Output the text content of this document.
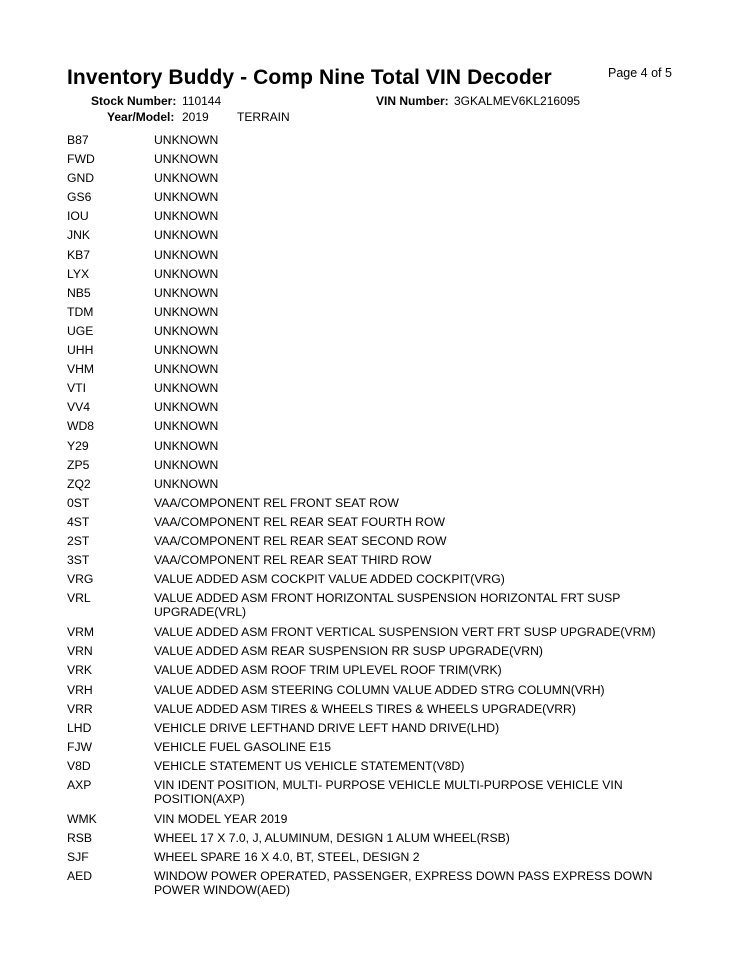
Inventory Buddy - Comp Nine Total VIN Decoder	Page 4 of 5
Stock Number: 110144	VIN Number: 3GKALMEV6KL216095
Year/Model: 2019 TERRAIN
B87	UNKNOWN
FWD	UNKNOWN
GND	UNKNOWN
GS6	UNKNOWN
IOU	UNKNOWN
JNK	UNKNOWN
KB7	UNKNOWN
LYX	UNKNOWN
NB5	UNKNOWN
TDM	UNKNOWN
UGE	UNKNOWN
UHH	UNKNOWN
VHM	UNKNOWN
VTI	UNKNOWN
VV4	UNKNOWN
WD8	UNKNOWN
Y29	UNKNOWN
ZP5	UNKNOWN
ZQ2	UNKNOWN
0ST	VAA/COMPONENT REL FRONT SEAT ROW
4ST	VAA/COMPONENT REL REAR SEAT FOURTH ROW
2ST	VAA/COMPONENT REL REAR SEAT SECOND ROW
3ST	VAA/COMPONENT REL REAR SEAT THIRD ROW
VRG	VALUE ADDED ASM COCKPIT VALUE ADDED COCKPIT(VRG)
VRL	VALUE ADDED ASM FRONT HORIZONTAL SUSPENSION HORIZONTAL FRT SUSP UPGRADE(VRL)
VRM	VALUE ADDED ASM FRONT VERTICAL SUSPENSION VERT FRT SUSP UPGRADE(VRM)
VRN	VALUE ADDED ASM REAR SUSPENSION RR SUSP UPGRADE(VRN)
VRK	VALUE ADDED ASM ROOF TRIM UPLEVEL ROOF TRIM(VRK)
VRH	VALUE ADDED ASM STEERING COLUMN VALUE ADDED STRG COLUMN(VRH)
VRR	VALUE ADDED ASM TIRES & WHEELS TIRES & WHEELS UPGRADE(VRR)
LHD	VEHICLE DRIVE LEFTHAND DRIVE LEFT HAND DRIVE(LHD)
FJW	VEHICLE FUEL GASOLINE E15
V8D	VEHICLE STATEMENT US VEHICLE STATEMENT(V8D)
AXP	VIN IDENT POSITION, MULTI- PURPOSE VEHICLE MULTI-PURPOSE VEHICLE VIN POSITION(AXP)
WMK	VIN MODEL YEAR 2019
RSB	WHEEL 17 X 7.0, J, ALUMINUM, DESIGN 1 ALUM WHEEL(RSB)
SJF	WHEEL SPARE 16 X 4.0, BT, STEEL, DESIGN 2
AED	WINDOW POWER OPERATED, PASSENGER, EXPRESS DOWN PASS EXPRESS DOWN POWER WINDOW(AED)
